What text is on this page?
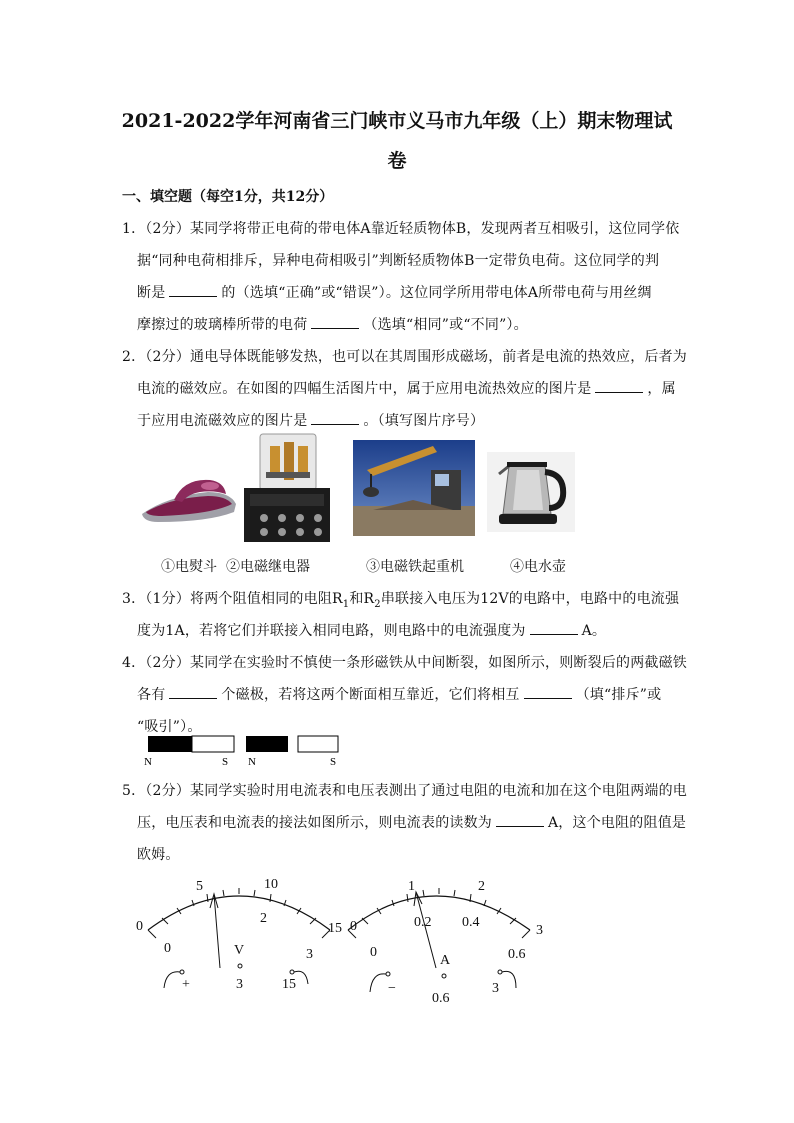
2021-2022学年河南省三门峡市义马市九年级（上）期末物理试
卷
一、填空题（每空1分，共12分）
1．（2分）某同学将带正电荷的带电体A靠近轻质物体B，发现两者互相吸引，这位同学依
据“同种电荷相排斥，异种电荷相吸引”判断轻质物体B一定带负电荷。这位同学的判
断是	的（选填“正确”或“错误”）。这位同学所用带电体A所带电荷与用丝绸
摩擦过的玻璃棒所带的电荷	（选填“相同”或“不同”）。
2．（2分）通电导体既能够发热，也可以在其周围形成磁场，前者是电流的热效应，后者为
电流的磁效应。在如图的四幅生活图片中，属于应用电流热效应的图片是	，属
于应用电流磁效应的图片是	。（填写图片序号）
①电熨斗 ②电磁继电器	③电磁铁起重机	④电水壶
3．（1分）将两个阻值相同的电阻$R_1$和$R_2$串联接入电压为12V的电路中，电路中的电流强
度为1A，若将它们并联接入相同电路，则电路中的电流强度为	A。
4．（2分）某同学在实验时不慎使一条形磁铁从中间断裂，如图所示，则断裂后的两截磁铁
各有	个磁极，若将这两个断面相互靠近，它们将相互	（填“排斥”或
“吸引”）。
N	S N	S
5．（2分）某同学实验时用电流表和电压表测出了通过电阻的电流和加在这个电阻两端的电
压，电压表和电流表的接法如图所示，则电流表的读数为	A，这个电阻的阻值是
欧姆。
0
5	10
15
0
2
3
V
+	3	15
0
1	2
3
0
0.2 0.4
0.6
A
−
0.6
3
